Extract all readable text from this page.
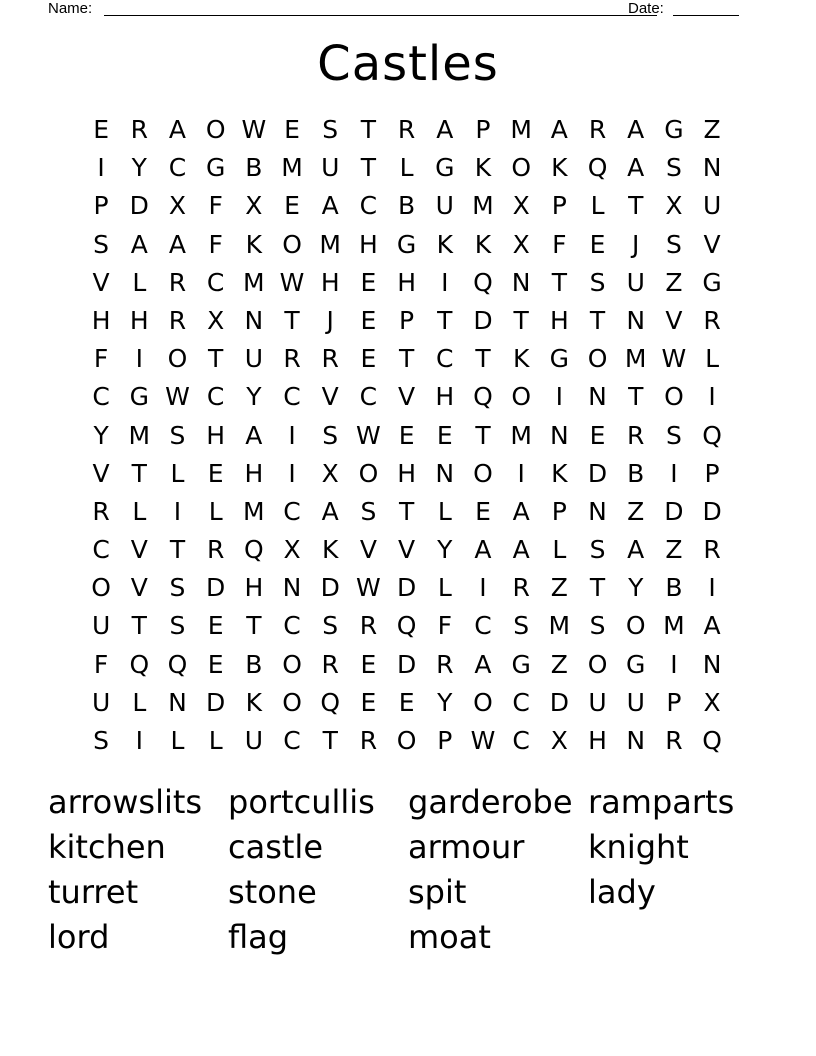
Name:	Date:
Castles
E R A O W E S T R A P M A R A G Z
I	Y C G B M U T L G K O K Q A S N
P D X F X E A C B U M X P L T X U
S A A F K O M H G K K X F E	J	S V
V L R C M W H E H	I Q N T S U Z G
H H R X N T	J	E P T D T H T N V R
F	I O T U R R E T C T K G O M W L
C G W C Y C V C V H Q O I	N T O I
Y M S H A	I	S W E E T M N E R S Q
V T L E H	I	X O H N O I	K D B	I	P
R L	I	L M C A S T L E A P N Z D D
C V T R Q X K V V Y A A L S A Z R
O V S D H N D W D L	I	R Z T Y B	I
U T S E T C S R Q F C S M S O M A
F Q Q E B O R E D R A G Z O G I	N
U L N D K O Q E E Y O C D U U P X
S	I	L L U C T R O P W C X H N R Q
arrowslits portcullis	garderobe ramparts
kitchen	castle	armour	knight
turret	stone	spit	lady
lord	flag	moat
